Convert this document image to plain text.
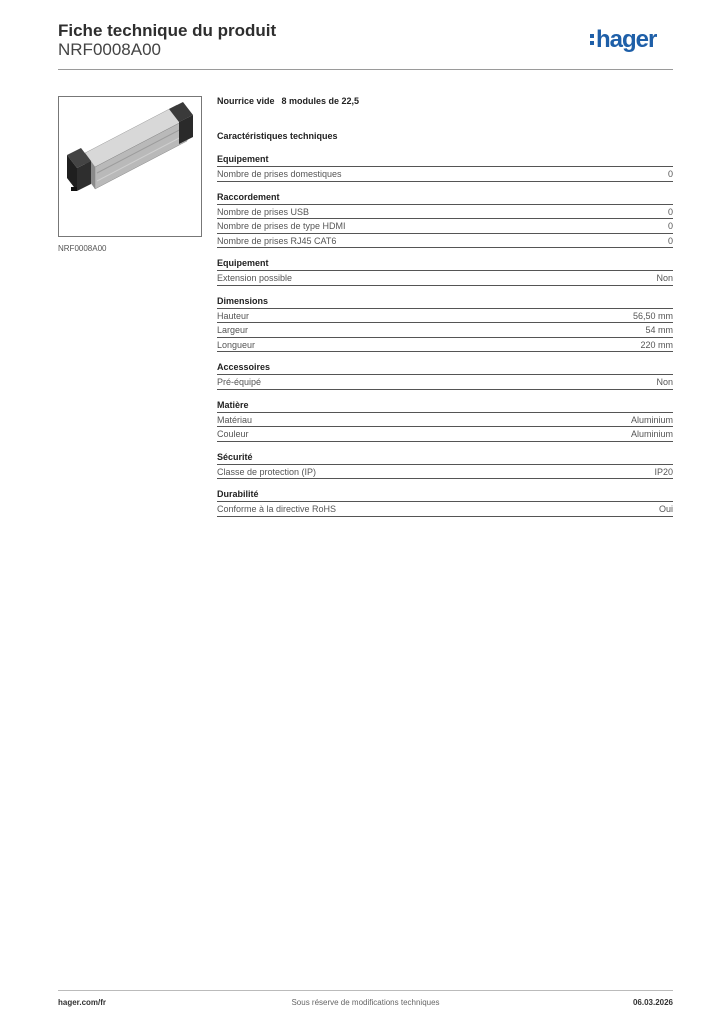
Fiche technique du produit
NRF0008A00	hager
NRF0008A00
Nourrice vide 8 modules de 22,5
Caractéristiques techniques
Equipement
Nombre de prises domestiques	0
Raccordement
Nombre de prises USB	0
Nombre de prises de type HDMI	0
Nombre de prises RJ45 CAT6	0
Equipement
Extension possible	Non
Dimensions
Hauteur	56,50 mm
Largeur	54 mm
Longueur	220 mm
Accessoires
Pré-équipé	Non
Matière
Matériau	Aluminium
Couleur	Aluminium
Sécurité
Classe de protection (IP)	IP20
Durabilité
Conforme à la directive RoHS	Oui
hager.com/fr	Sous réserve de modifications techniques	06.03.2026
